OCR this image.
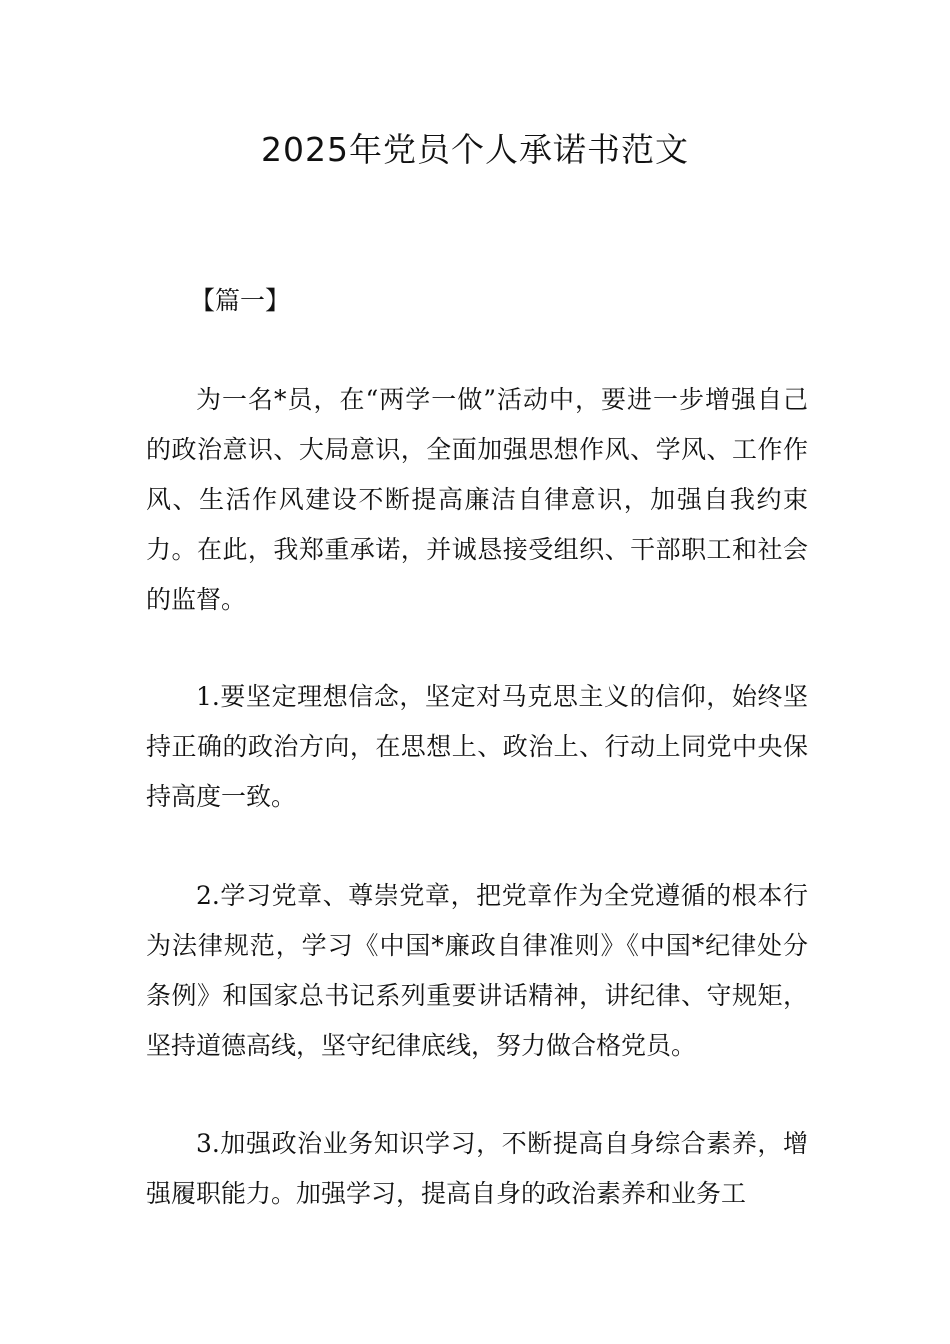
2025年党员个人承诺书范文
【篇一】

为一名*员，在“两学一做”活动中，要进一步增强自己的政治意识、大局意识，全面加强思想作风、学风、工作作风、生活作风建设不断提高廉洁自律意识，加强自我约束力。在此，我郑重承诺，并诚恳接受组织、干部职工和社会的监督。

1.要坚定理想信念，坚定对马克思主义的信仰，始终坚持正确的政治方向，在思想上、政治上、行动上同党中央保持高度一致。

2.学习党章、尊崇党章，把党章作为全党遵循的根本行为法律规范，学习《中国*廉政自律准则》《中国*纪律处分条例》和国家总书记系列重要讲话精神，讲纪律、守规矩，坚持道德高线，坚守纪律底线，努力做合格党员。

3.加强政治业务知识学习，不断提高自身综合素养，增强履职能力。加强学习，提高自身的政治素养和业务工
